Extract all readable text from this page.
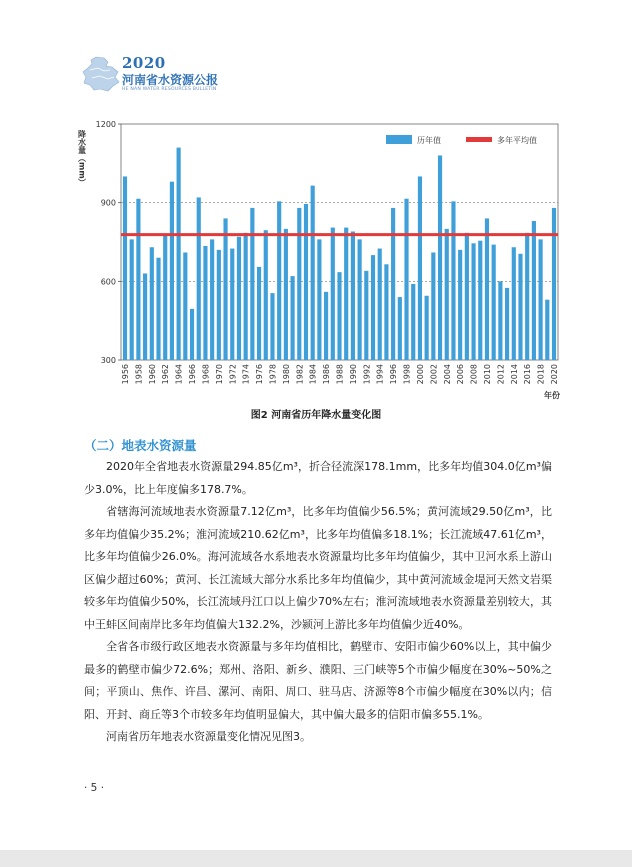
2020
河南省水资源公报
HE NAN WATER RESOURCES BULLETIN
300
600
900
1200
降水量（mm）
1956 1958 1960 1962 1964 1966 1968 1970 1972 1974 1976 1978 1980 1982 1984 1986 1988 1990 1992 1994 1996 1998 2000 2002 2004 2006 2008 2010 2012 2014 2016 2018 2020
年份
历年值	多年平均值
图2 河南省历年降水量变化图
（二）地表水资源量
2020年全省地表水资源量294.85亿m³，折合径流深178.1mm，比多年均值304.0亿m³偏少3.0%，比上年度偏多178.7%。
省辖海河流域地表水资源量7.12亿m³，比多年均值偏少56.5%；黄河流域29.50亿m³，比多年均值偏少35.2%；淮河流域210.62亿m³，比多年均值偏多18.1%；长江流域47.61亿m³，比多年均值偏少26.0%。海河流域各水系地表水资源量均比多年均值偏少，其中卫河水系上游山区偏少超过60%；黄河、长江流域大部分水系比多年均值偏少，其中黄河流域金堤河天然文岩渠较多年均值偏少50%，长江流域丹江口以上偏少70%左右；淮河流域地表水资源量差别较大，其中王蚌区间南岸比多年均值偏大132.2%，沙颍河上游比多年均值偏少近40%。
全省各市级行政区地表水资源量与多年均值相比，鹤壁市、安阳市偏少60%以上，其中偏少最多的鹤壁市偏少72.6%；郑州、洛阳、新乡、濮阳、三门峡等5个市偏少幅度在30%~50%之间；平顶山、焦作、许昌、漯河、南阳、周口、驻马店、济源等8个市偏少幅度在30%以内；信阳、开封、商丘等3个市较多年均值明显偏大，其中偏大最多的信阳市偏多55.1%。
河南省历年地表水资源量变化情况见图3。
· 5 ·
